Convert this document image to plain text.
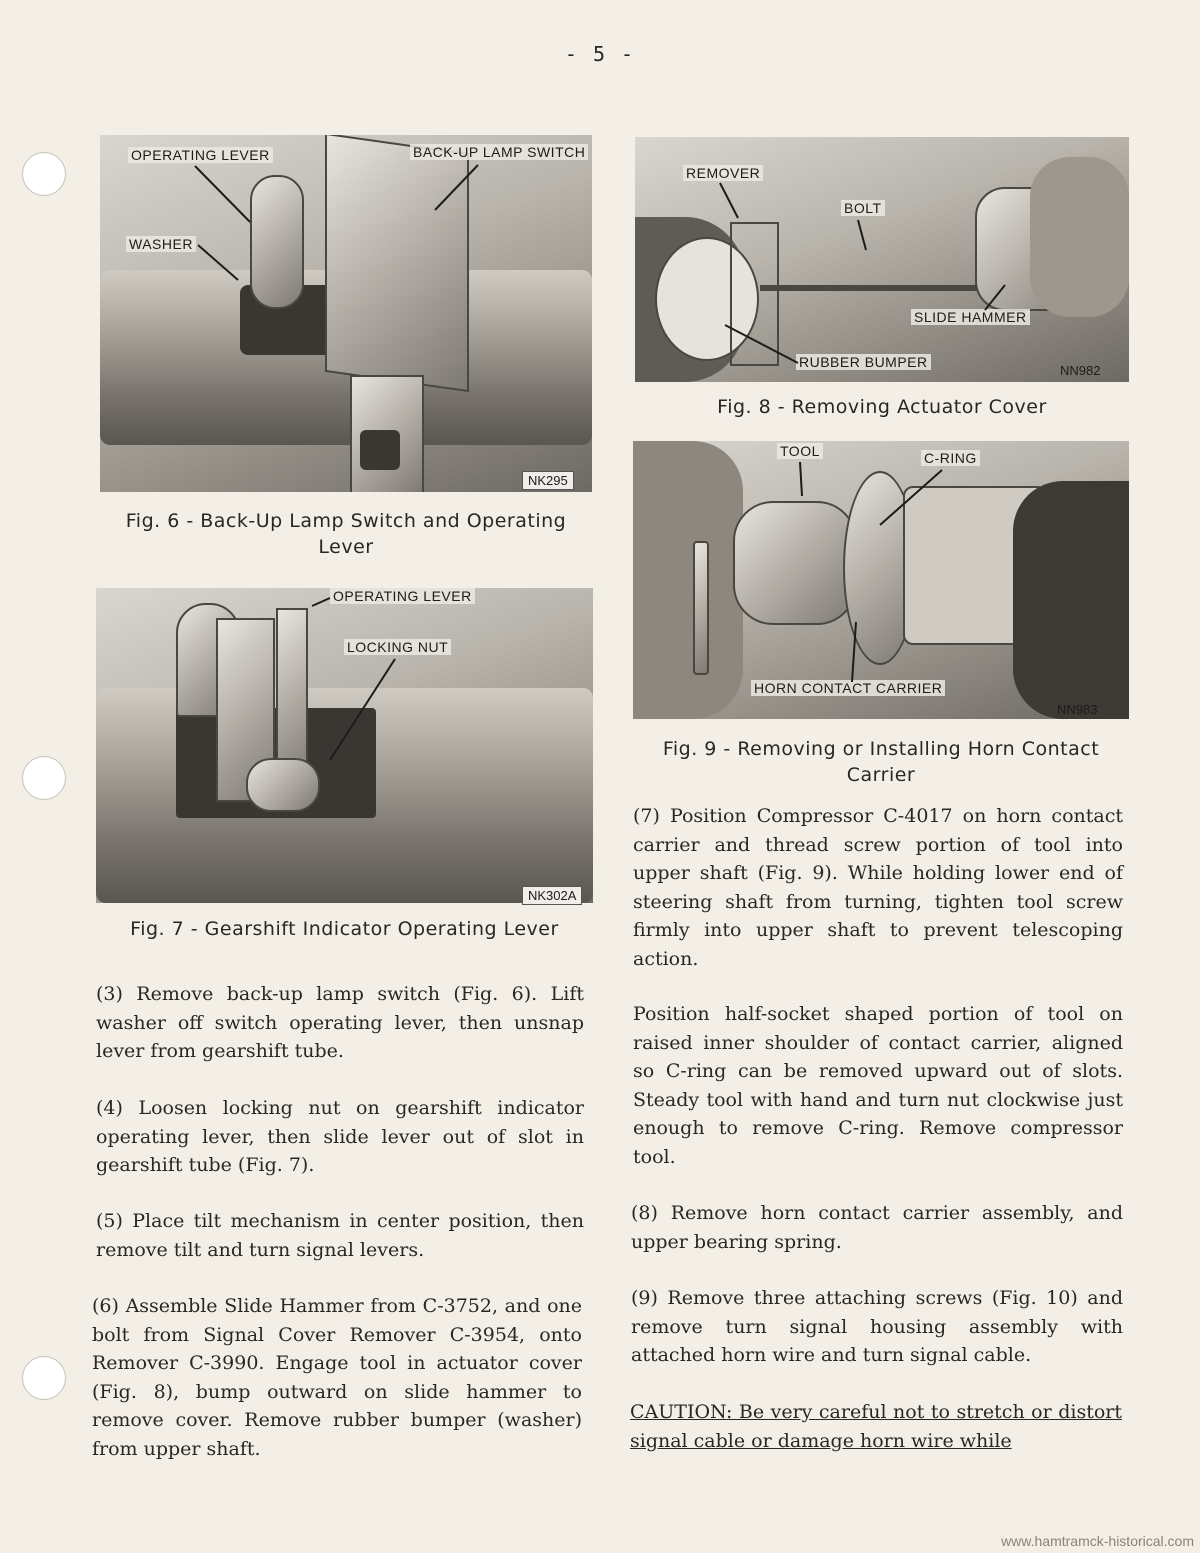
- 5 -
OPERATING LEVER	BACK-UP LAMP SWITCH
WASHER
NK295
Fig. 6 - Back-Up Lamp Switch and Operating Lever
OPERATING LEVER
LOCKING NUT
NK302A
Fig. 7 - Gearshift Indicator Operating Lever
REMOVER
BOLT
SLIDE HAMMER
RUBBER BUMPER
NN982
Fig. 8 - Removing Actuator Cover
TOOL	C-RING
HORN CONTACT CARRIER
NN983
Fig. 9 - Removing or Installing Horn Contact Carrier

(3) Remove back-up lamp switch (Fig. 6). Lift washer off switch operating lever, then unsnap lever from gearshift tube.

(4) Loosen locking nut on gearshift indicator operating lever, then slide lever out of slot in gearshift tube (Fig. 7).

(5) Place tilt mechanism in center position, then remove tilt and turn signal levers.

(6) Assemble Slide Hammer from C-3752, and one bolt from Signal Cover Remover C-3954, onto Remover C-3990. Engage tool in actuator cover (Fig. 8), bump outward on slide hammer to remove cover. Remove rubber bumper (washer) from upper shaft.

(7) Position Compressor C-4017 on horn contact carrier and thread screw portion of tool into upper shaft (Fig. 9). While holding lower end of steering shaft from turning, tighten tool screw firmly into upper shaft to prevent telescoping action.

Position half-socket shaped portion of tool on raised inner shoulder of contact carrier, aligned so C-ring can be removed upward out of slots. Steady tool with hand and turn nut clockwise just enough to remove C-ring. Remove compressor tool.

(8) Remove horn contact carrier assembly, and upper bearing spring.

(9) Remove three attaching screws (Fig. 10) and remove turn signal housing assembly with attached horn wire and turn signal cable.

CAUTION: Be very careful not to stretch or distort signal cable or damage horn wire while
www.hamtramck-historical.com
